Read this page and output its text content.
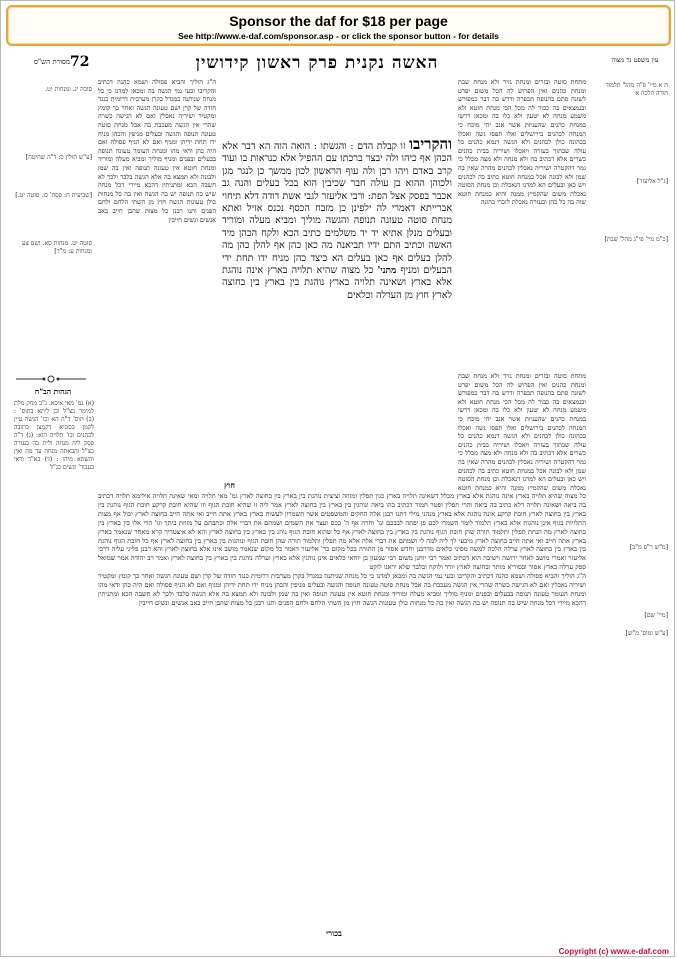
Sponsor the daf for $18 per page
See http://www.e-daf.com/sponsor.asp - or click the sponsor button - for details
מסורת הש"ס 72	האשה נקנית פרק ראשון קידושין	עין משפט נר מצוה

מתחת סוטה ובזרים ומנחת נזיר ולא מנחת שבת ומנחת כהנים ואין הפרוש לה הכל משום יפרט לשונה סתם בהנופה תכפרה ודרש בה דבר כמפורש ובנמצאים בה כבור לה מכל הכי מנחת חוטא ולא משמע מנחה לא יטעון ולא כלו בה ומכאן דרשו במנחת כהנים שהעניות אשר אגב יהי מוכח כי המנחה לכהנים בירושלים ואלו תפסו גשה ואכלו בכהונה כולן לכהנים ולא הגשה דנמא כהנים כל עולה שבתוך בעזרה ויאכלו ושיריה בבית כהנים כשרים אלא דכתיב בה ולא מנחה ולא מצה מכלל כי גמר דהקטרה ושיריה נאכלין לכהנים מהרה שאין בה שמן ולא לבונה אכל במנחת חוטא כתיב בה לכהנים ויש כאן ובעלים הא למדנו דנאכלת וכן מנחת הסוטה נאכלת משום שהקמיץ ממנה והיא כמנחת חוטא שוה בה כל כהן ובעזרה נאכלת לזכרי כהונה

ה"ג הוליך והביא פסולה ושמא כהנה דכתיב והקריבו ובעי נמי הגשה בה ומכאן למדנו כי כל מנחה שניתנה במגדל בקרן מערבית דרומית כנגד חודה של קרן ושם טעונה הגשה ואחר כך קומץ ומקטיר ושיריה נאכלין ואם לא הגישה כשרה שהרי אין הגשה מעכבת בה אבל מנחת סוטה טעונה תנופה והגשה ובעלים מניפין והכהן מניח ידו תחת ידיהן ומניף ואם לא הניף פסולה ואם היה כהן ודאי מהו ומנחת העומר טעונה תנופה בבעלים ובפנים ומניף מוליך ומביא מעלה ומוריד ומנחת חוטא אין טעונה תנופה ואין בה שמן ולבונה ולא תמצא בה אלא הגשה בלבד ולכך לא חשבה הכא ומתניתין דהכא מיירי דכל מנחה שיש בה תנופה יש בה הגשה ואין בה כל מנחות כולן טעונות הגשה חוץ מן השתי הלחם ולחם הפנים ותנו רבנן כל מצות שהבן חייב באב אנשים ונשים חייבין

והקריבו זו קבלת הדם : והגשתו : הואה הוה הא דבר אלא הכהן אף כיהו ולה יבצר ברכתו עם ההפיל אלא כנראות בו ועוד קרב באדם ויהו רבן ולה עוף הראשון לכון ממשך כן לנגר מגן ולכוהן ההוא בן עולה חבר שכיבין הוא בכל בעלים והנה גב אכבר בפסק אצל הפת: ורבי אליעזר לגבי אשת דודה דלא תיחוי אברייתא דאמרי לה ילפינן כן מזבח הכסף נכנס אזיל ואתא מנחת סוטה טעונה תנופה והגשה מוליך ומביא מעלה ומוריד ובעלים מנלן אתיא יד יד משלמים כתיב הכא ולקח הכהן מיד האשה וכתיב התם ידיו תביאנה מה כאן כהן אף להלן כהן מה להלן בעלים אף כאן בעלים הא כיצד כהן מניח ידו תחת ידי הבעלים ומניף מתני' כל מצוה שהיא תלויה בארץ אינה נוהגת אלא בארץ ושאינה תלויה בארץ נוהגת בין בארץ בין בחוצה לארץ חוץ מן הערלה וכלאים

מתחת סוטה ובזרים ומנחת נזיר ולא מנחת שבת ומנחת כהנים ואין הפרוש לה הכל משום יפרט לשונה סתם בהנופה תכפרה ודרש בה דבר כמפורש ובנמצאים בה כבור לה מכל הכי מנחת חוטא ולא משמע מנחה לא יטעון ולא כלו בה ומכאן דרשו במנחת כהנים שהעניות אשר אגב יהי מוכח כי המנחה לכהנים בירושלים ואלו תפסו גשה ואכלו בכהונה כולן לכהנים ולא הגשה דנמא כהנים כל עולה שבתוך בעזרה ויאכלו ושיריה בבית כהנים כשרים אלא דכתיב בה ולא מנחה ולא מצה מכלל כי גמר דהקטרה ושיריה נאכלין לכהנים מהרה שאין בה שמן ולא לבונה אכל במנחת חוטא כתיב בה לכהנים ויש כאן ובעלים הא למדנו דנאכלת וכן מנחת הסוטה נאכלת משום שהקמיץ ממנה והיא כמנחת חוטא

כל מצוה שהיא תלויה בארץ אינה נוהגת אלא בארץ מכלל דשאינה תלויה בארץ כגון תפלין ומזוזה וציצית נוהגת בין בארץ בין בחוצה לארץ גמ' מאי תלויה ומאי שאינה תלויה אילימא תלויה דכתיב בה ביאה ושאינה תלויה דלא כתיב בה ביאה והרי תפלין ופטר חמור דכתיב בהו ביאה ונוהגין בין בארץ בין בחוצה לארץ אמר ליה זו שהיא חובת הגוף וזו שהיא חובת קרקע חובת הגוף נוהגת בין בארץ בין בחוצה לארץ חובת קרקע אינה נוהגת אלא בארץ מנהני מילי דתנו רבנן אלה החקים והמשפטים אשר תשמרון לעשות בארץ בארץ אתה חייב ואי אתה חייב בחוצה לארץ יכול אף מצות התלויות בגוף אינן נוהגות אלא בארץ תלמוד לומר השמרו לכם פן יפתה לבבכם ונו' וחרה אף ה' בכם ועצר את השמים ושמתם את דברי אלה וכתבתם על מזוזת ביתך וגו' הרי אלו בין בארץ בין בחוצה לארץ מה הנחת תפלין ותלמוד תורה שהן חובת הגוף נוהגת בין בארץ בין בחוצה לארץ אף כל שהוא חובת הגוף נוהג בין בארץ בין בחוצה לארץ והא לא איצטריך קרא מאחר שנאמר בארץ בארץ אתה חייב ואי אתה חייב בחוצה לארץ מיבעי לך ליה למה לי ושמתם את דברי אלה אלא מה תפלין ותלמוד תורה שהן חובת הגוף ונוהגות בין בארץ בין בחוצה לארץ אף כל חובת הגוף נוהגת בין בארץ בין בחוצה לארץ ערלה הלכה למשה מסיני כלאים מדרבנן וחדש אסור מן התורה בכל מקום כר' אליעזר דאמר כל מקום שנאמר מושב אינו אלא בחוצה לארץ והא רבנן פליגי עליה דרבי אליעזר ואמרי מושב לאחר ירושה וישיבה הוא דכתיב ואמר רבי יוחנן משום רבי שמעון בן יוחאי כלאים אינן נוהגין אלא בארץ וערלה נוהגת בין בארץ בין בחוצה לארץ ואמר רב יהודה אמר שמואל ספק ערלה בארץ אסור ובסוריא מותר ובחוצה לארץ יורד ולוקח ובלבד שלא יראנו לוקט

ה"ג הוליך והביא פסולה ושמא כהנה דכתיב והקריבו ובעי נמי הגשה בה ומכאן למדנו כי כל מנחה שניתנה במגדל בקרן מערבית דרומית כנגד חודה של קרן ושם טעונה הגשה ואחר כך קומץ ומקטיר ושיריה נאכלין ואם לא הגישה כשרה שהרי אין הגשה מעכבת בה אבל מנחת סוטה טעונה תנופה והגשה ובעלים מניפין והכהן מניח ידו תחת ידיהן ומניף ואם לא הניף פסולה ואם היה כהן ודאי מהו ומנחת העומר טעונה תנופה בבעלים ובפנים ומניף מוליך ומביא מעלה ומוריד ומנחת חוטא אין טעונה תנופה ואין בה שמן ולבונה ולא תמצא בה אלא הגשה בלבד ולכך לא חשבה הכא ומתניתין דהכא מיירי דכל מנחה שיש בה תנופה יש בה הגשה ואין בה כל מנחות כולן טעונות הגשה חוץ מן השתי הלחם ולחם הפנים ותנו רבנן כל מצות שהבן חייב באב אנשים ונשים חייבין

ת א מיי' פ"ה מהל' תלמוד תורה הלכה א
[ג"ל אליעזר]
[כ"מ מיי' פי"ג מהל' שבת]
[מ"ש ר"פ מ"ב]
[מיי' שם]
[ע"ש ומוס' מ"ש]
סוכה יג. ומנחות יט.
[ע"ש חולין כ: ד"ה שחיטה]
[שביעית ח: פסח' כו. סוטה יט.]
סוטה יט. מנחות סא. ושם צע ומנחות ע: מ"ד]
הגהות הב"ח
(א) גמ' מאי איכא. נ"ב מחק מלת למימר כצ"ל וכן ליתא בתוס' : (ב) תוס' ד"ה הא וכו' הגשה עיין לקמן בסוגיא דקמצן כתובה לכהנים וכו' תלויה הוא: (ג) ד"ה פסק ליה מנחה ולית בה בעזרה כצ"ל והבאתה מנחה עד מה ואין והשתא מיהו : (ד) בא"ד ודאי בעבוד' ונשים כנ"ל
חוץ
בכורי
Copyright (c) www.e-daf.com
